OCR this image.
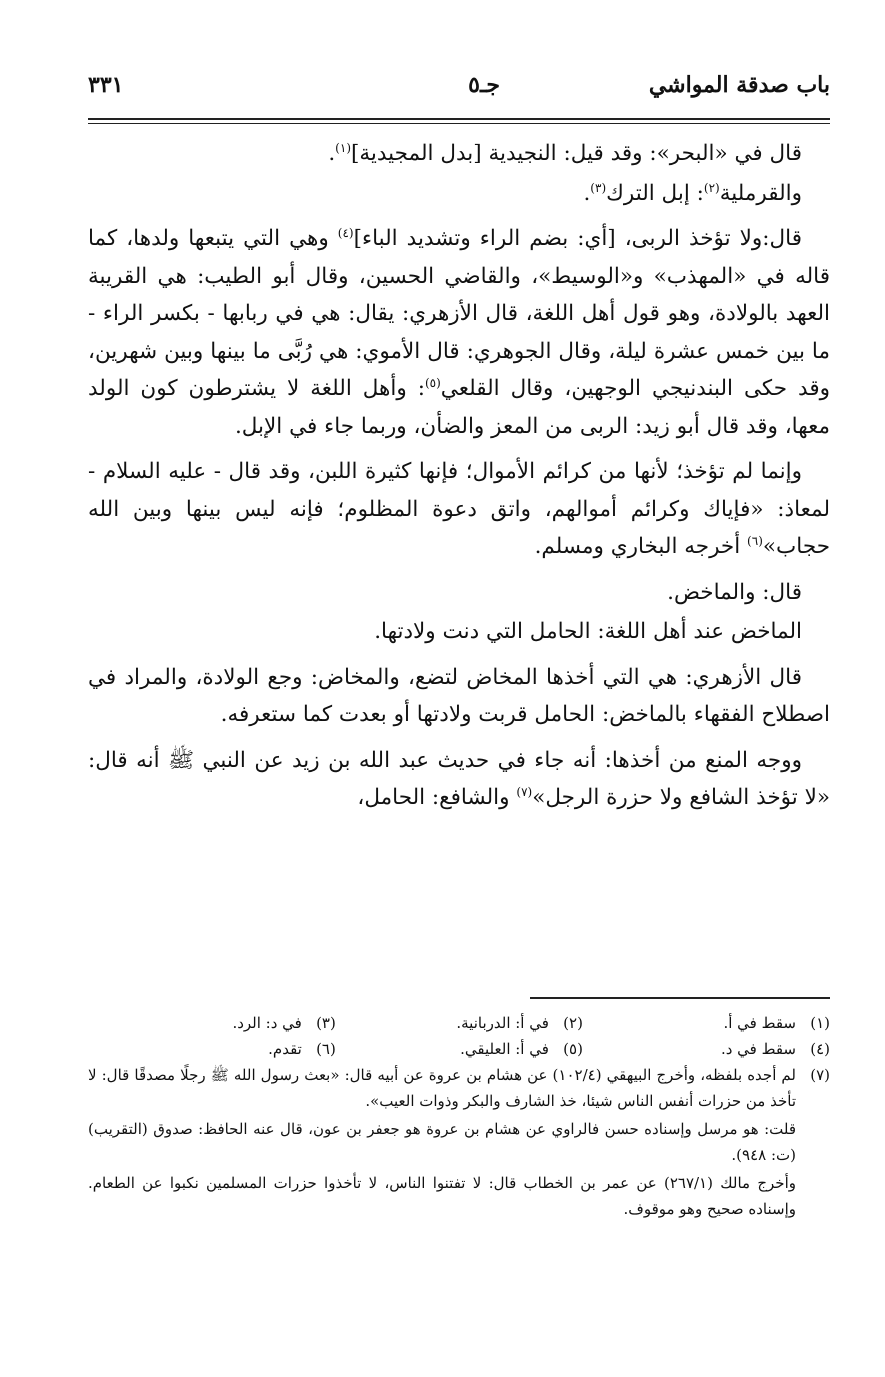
باب صدقة المواشي
جـ٥
٣٣١

قال في «البحر»: وقد قيل: النجيدية [بدل المجيدية]$^{(١)}$.

والقرملية$^{(٢)}$: إبل الترك$^{(٣)}$.

قال:ولا تؤخذ الربى، [أي: بضم الراء وتشديد الباء]$^{(٤)}$ وهي التي يتبعها ولدها، كما قاله في «المهذب» و«الوسيط»، والقاضي الحسين، وقال أبو الطيب: هي القريبة العهد بالولادة، وهو قول أهل اللغة، قال الأزهري: يقال: هي في ربابها - بكسر الراء - ما بين خمس عشرة ليلة، وقال الجوهري: قال الأموي: هي رُبَّى ما بينها وبين شهرين، وقد حكى البندنيجي الوجهين، وقال القلعي$^{(٥)}$: وأهل اللغة لا يشترطون كون الولد معها، وقد قال أبو زيد: الربى من المعز والضأن، وربما جاء في الإبل.

وإنما لم تؤخذ؛ لأنها من كرائم الأموال؛ فإنها كثيرة اللبن، وقد قال - عليه السلام - لمعاذ: «فإياك وكرائم أموالهم، واتق دعوة المظلوم؛ فإنه ليس بينها وبين الله حجاب»$^{(٦)}$ أخرجه البخاري ومسلم.

قال: والماخض.

الماخض عند أهل اللغة: الحامل التي دنت ولادتها.

قال الأزهري: هي التي أخذها المخاض لتضع، والمخاض: وجع الولادة، والمراد في اصطلاح الفقهاء بالماخض: الحامل قربت ولادتها أو بعدت كما ستعرفه.

ووجه المنع من أخذها: أنه جاء في حديث عبد الله بن زيد عن النبي ﷺ أنه قال: «لا تؤخذ الشافع ولا حزرة الرجل»$^{(٧)}$ والشافع: الحامل،

(١)سقط في أ.
(٢)في أ: الدربانية.
(٣)في د: الرد.
(٤)سقط في د.
(٥)في أ: العليقي.
(٦)تقدم.
(٧)
لم أجده بلفظه، وأخرج البيهقي (١٠٢/٤) عن هشام بن عروة عن أبيه قال: «بعث رسول الله ﷺ رجلًا مصدقًا قال: لا تأخذ من حزرات أنفس الناس شيئا، خذ الشارف والبكر وذوات العيب».
قلت: هو مرسل وإسناده حسن فالراوي عن هشام بن عروة هو جعفر بن عون، قال عنه الحافظ: صدوق (التقريب) (ت: ٩٤٨).
وأخرج مالك (٢٦٧/١) عن عمر بن الخطاب قال: لا تفتنوا الناس، لا تأخذوا حزرات المسلمين نكبوا عن الطعام. وإسناده صحيح وهو موقوف.
